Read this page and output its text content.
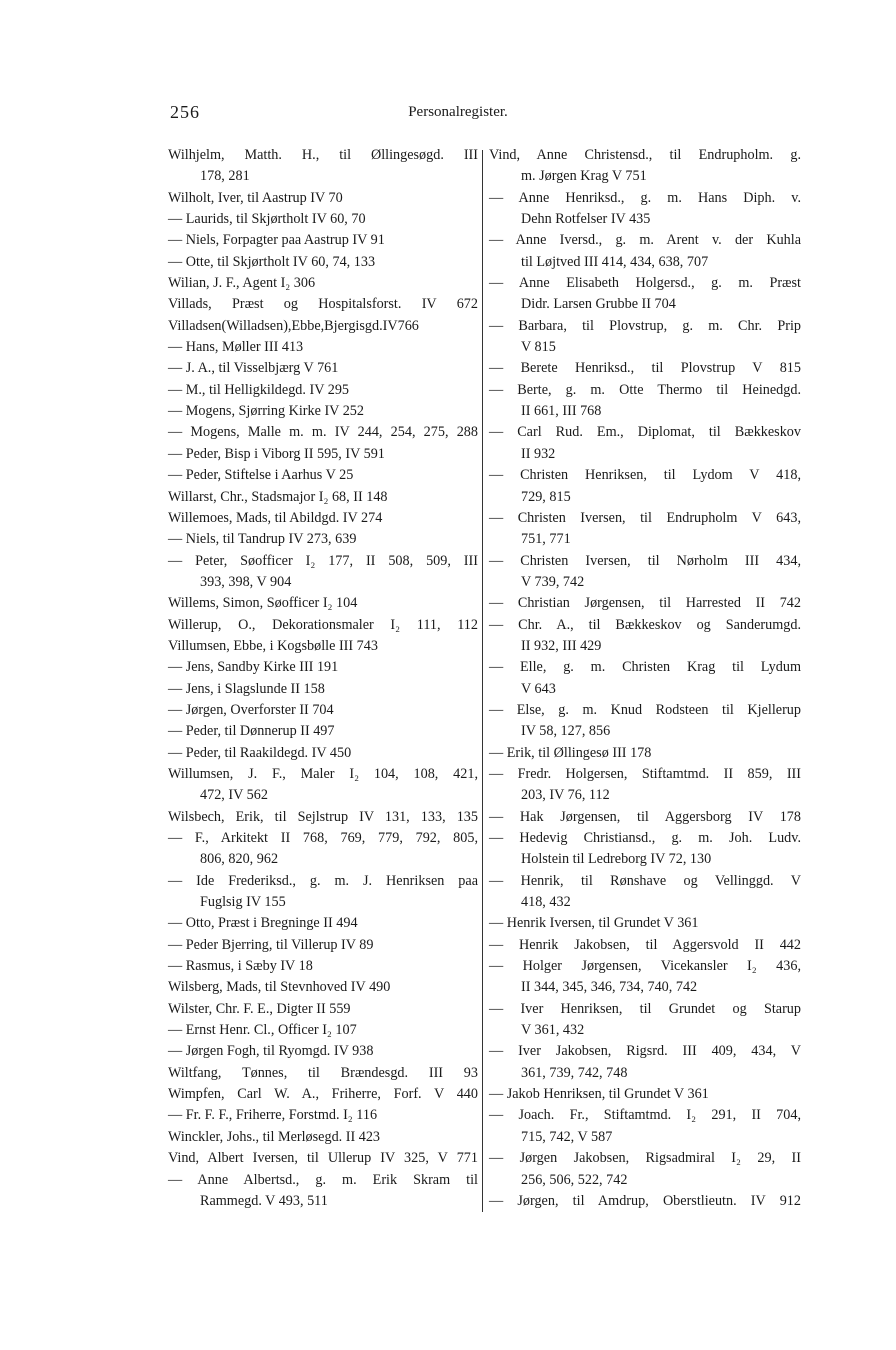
256	Personalregister.
Wilhjelm, Matth. H., til Øllingesøgd. III
178, 281
Wilholt, Iver, til Aastrup IV 70
— Laurids, til Skjørtholt IV 60, 70
— Niels, Forpagter paa Aastrup IV 91
— Otte, til Skjørtholt IV 60, 74, 133
Wilian, J. F., Agent I₂ 306
Villads, Præst og Hospitalsforst. IV 672
Villadsen(Willadsen),Ebbe,Bjergisgd.IV766
— Hans, Møller III 413
— J. A., til Visselbjærg V 761
— M., til Helligkildegd. IV 295
— Mogens, Sjørring Kirke IV 252
— Mogens, Malle m. m. IV 244, 254, 275, 288
— Peder, Bisp i Viborg II 595, IV 591
— Peder, Stiftelse i Aarhus V 25
Willarst, Chr., Stadsmajor I₂ 68, II 148
Willemoes, Mads, til Abildgd. IV 274
— Niels, til Tandrup IV 273, 639
— Peter, Søofficer I₂ 177, II 508, 509, III
393, 398, V 904
Willems, Simon, Søofficer I₂ 104
Willerup, O., Dekorationsmaler I₂ 111, 112
Villumsen, Ebbe, i Kogsbølle III 743
— Jens, Sandby Kirke III 191
— Jens, i Slagslunde II 158
— Jørgen, Overforster II 704
— Peder, til Dønnerup II 497
— Peder, til Raakildegd. IV 450
Willumsen, J. F., Maler I₂ 104, 108, 421,
472, IV 562
Wilsbech, Erik, til Sejlstrup IV 131, 133, 135
— F., Arkitekt II 768, 769, 779, 792, 805,
806, 820, 962
— Ide Frederiksd., g. m. J. Henriksen paa
Fuglsig IV 155
— Otto, Præst i Bregninge II 494
— Peder Bjerring, til Villerup IV 89
— Rasmus, i Sæby IV 18
Wilsberg, Mads, til Stevnhoved IV 490
Wilster, Chr. F. E., Digter II 559
— Ernst Henr. Cl., Officer I₂ 107
— Jørgen Fogh, til Ryomgd. IV 938
Wiltfang, Tønnes, til Brændesgd. III 93
Wimpfen, Carl W. A., Friherre, Forf. V 440
— Fr. F. F., Friherre, Forstmd. I₂ 116
Winckler, Johs., til Merløsegd. II 423
Vind, Albert Iversen, til Ullerup IV 325, V 771
— Anne Albertsd., g. m. Erik Skram til
Rammegd. V 493, 511
Vind, Anne Christensd., til Endrupholm. g.
m. Jørgen Krag V 751
— Anne Henriksd., g. m. Hans Diph. v.
Dehn Rotfelser IV 435
— Anne Iversd., g. m. Arent v. der Kuhla
til Løjtved III 414, 434, 638, 707
— Anne Elisabeth Holgersd., g. m. Præst
Didr. Larsen Grubbe II 704
— Barbara, til Plovstrup, g. m. Chr. Prip
V 815
— Berete Henriksd., til Plovstrup V 815
— Berte, g. m. Otte Thermo til Heinedgd.
II 661, III 768
— Carl Rud. Em., Diplomat, til Bækkeskov
II 932
— Christen Henriksen, til Lydom V 418,
729, 815
— Christen Iversen, til Endrupholm V 643,
751, 771
— Christen Iversen, til Nørholm III 434,
V 739, 742
— Christian Jørgensen, til Harrested II 742
— Chr. A., til Bækkeskov og Sanderumgd.
II 932, III 429
— Elle, g. m. Christen Krag til Lydum
V 643
— Else, g. m. Knud Rodsteen til Kjellerup
IV 58, 127, 856
— Erik, til Øllingesø III 178
— Fredr. Holgersen, Stiftamtmd. II 859, III
203, IV 76, 112
— Hak Jørgensen, til Aggersborg IV 178
— Hedevig Christiansd., g. m. Joh. Ludv.
Holstein til Ledreborg IV 72, 130
— Henrik, til Rønshave og Vellinggd. V
418, 432
— Henrik Iversen, til Grundet V 361
— Henrik Jakobsen, til Aggersvold II 442
— Holger Jørgensen, Vicekansler I₂ 436,
II 344, 345, 346, 734, 740, 742
— Iver Henriksen, til Grundet og Starup
V 361, 432
— Iver Jakobsen, Rigsrd. III 409, 434, V
361, 739, 742, 748
— Jakob Henriksen, til Grundet V 361
— Joach. Fr., Stiftamtmd. I₂ 291, II 704,
715, 742, V 587
— Jørgen Jakobsen, Rigsadmiral I₂ 29, II
256, 506, 522, 742
— Jørgen, til Amdrup, Oberstlieutn. IV 912
